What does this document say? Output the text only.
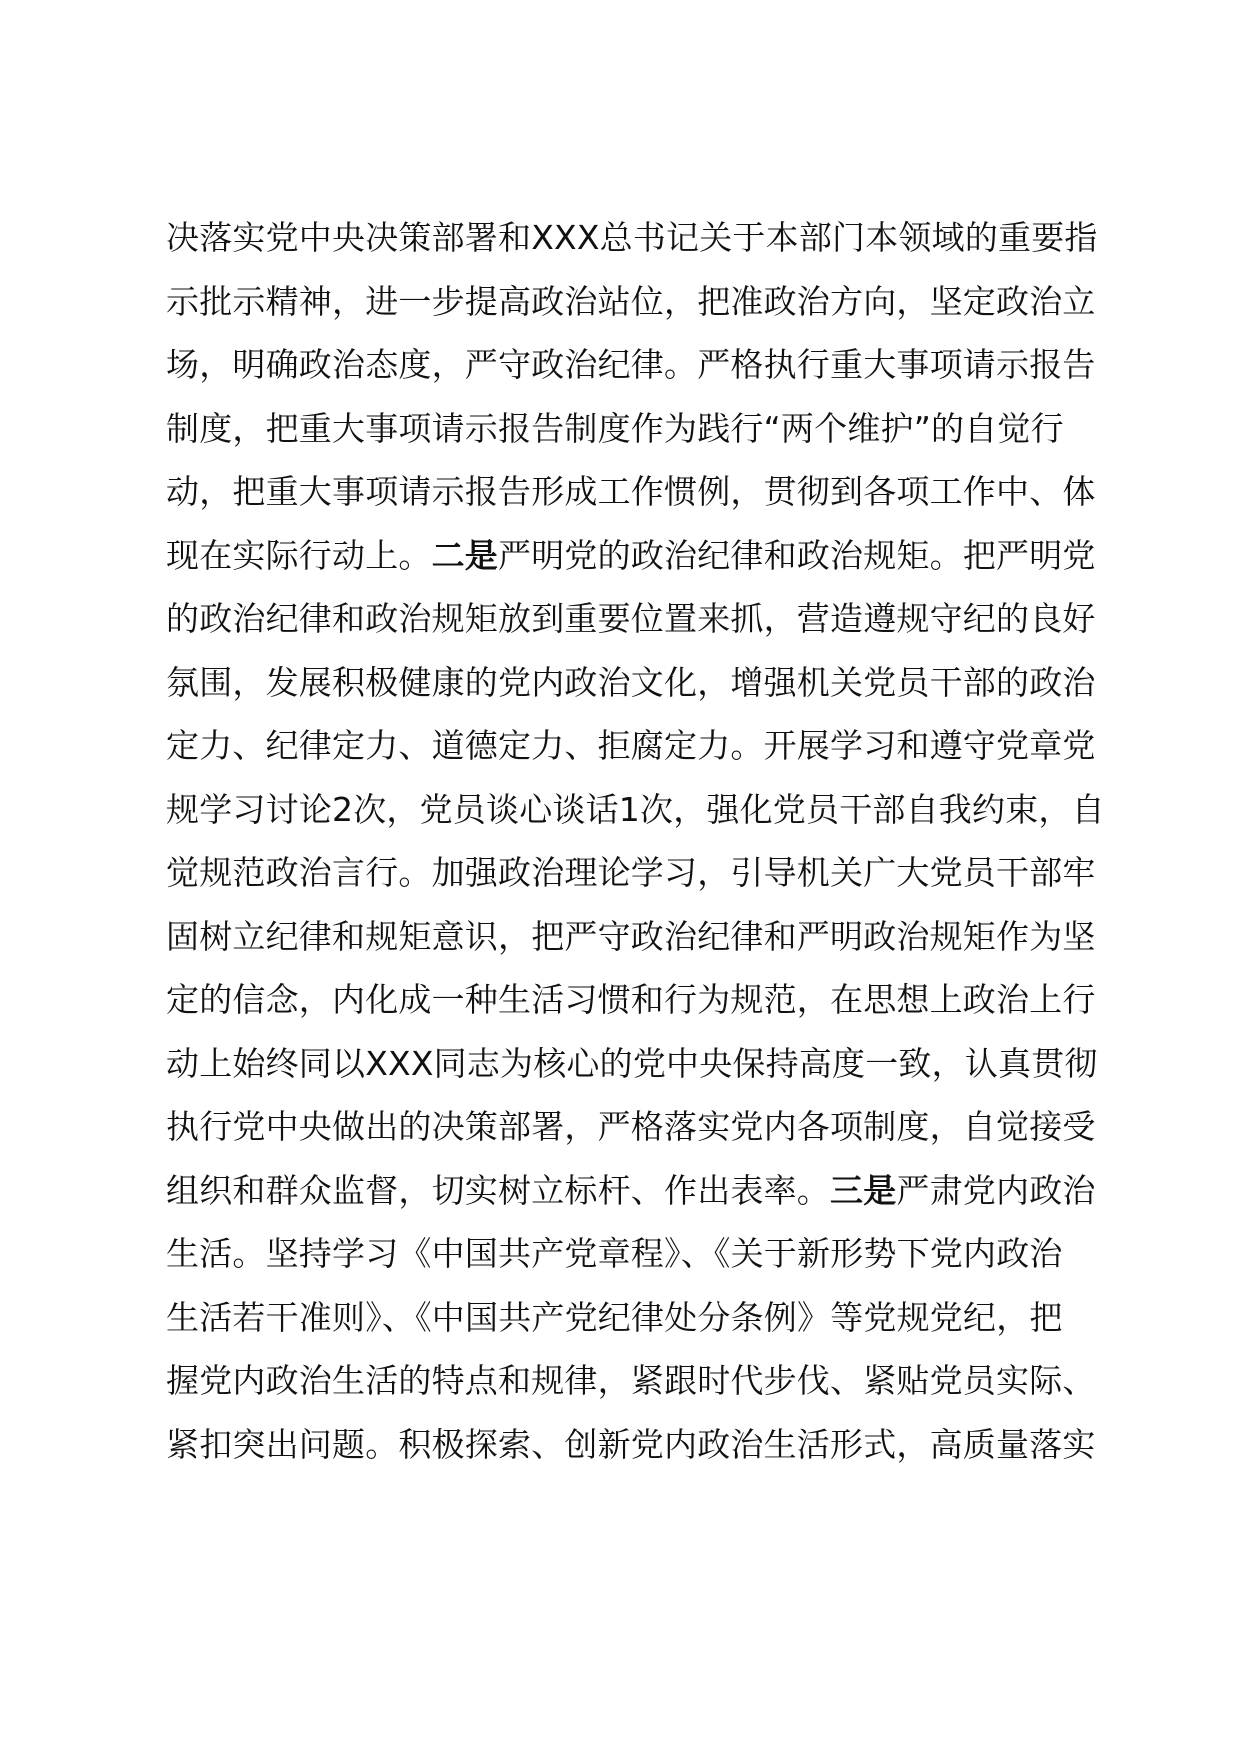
决落实党中央决策部署和XXX总书记关于本部门本领域的重要指
示批示精神，进一步提高政治站位，把准政治方向，坚定政治立
场，明确政治态度，严守政治纪律。严格执行重大事项请示报告
制度，把重大事项请示报告制度作为践行“两个维护”的自觉行
动，把重大事项请示报告形成工作惯例，贯彻到各项工作中、体
现在实际行动上。二是严明党的政治纪律和政治规矩。把严明党
的政治纪律和政治规矩放到重要位置来抓，营造遵规守纪的良好
氛围，发展积极健康的党内政治文化，增强机关党员干部的政治
定力、纪律定力、道德定力、拒腐定力。开展学习和遵守党章党
规学习讨论2次，党员谈心谈话1次，强化党员干部自我约束，自
觉规范政治言行。加强政治理论学习，引导机关广大党员干部牢
固树立纪律和规矩意识，把严守政治纪律和严明政治规矩作为坚
定的信念，内化成一种生活习惯和行为规范，在思想上政治上行
动上始终同以XXX同志为核心的党中央保持高度一致，认真贯彻
执行党中央做出的决策部署，严格落实党内各项制度，自觉接受
组织和群众监督，切实树立标杆、作出表率。三是严肃党内政治
生活。坚持学习《中国共产党章程》、《关于新形势下党内政治
生活若干准则》、《中国共产党纪律处分条例》等党规党纪，把
握党内政治生活的特点和规律，紧跟时代步伐、紧贴党员实际、
紧扣突出问题。积极探索、创新党内政治生活形式，高质量落实
